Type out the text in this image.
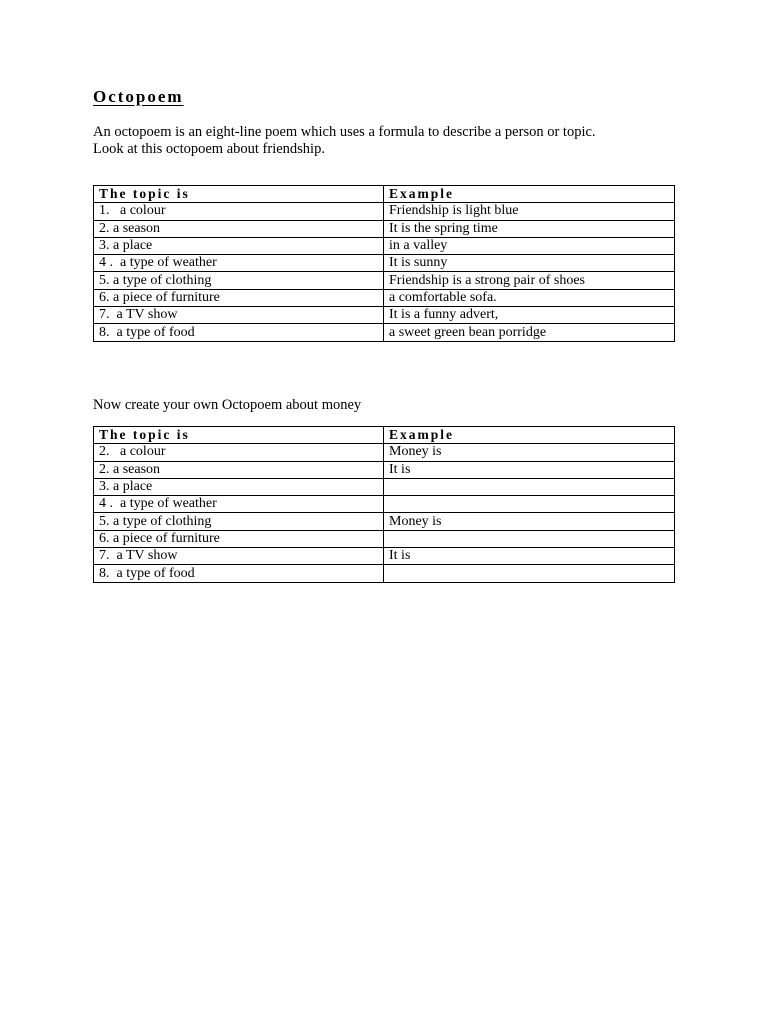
Octopoem
An octopoem is an eight-line poem which uses a formula to describe a person or topic.
Look at this octopoem about friendship.
The topic is	Example
1.   a colour	Friendship is light blue
2. a season	It is the spring time
3. a place	in a valley
4 .  a type of weather	It is sunny
5. a type of clothing	Friendship is a strong pair of shoes
6. a piece of furniture	a comfortable sofa.
7.  a TV show	It is a funny advert,
8.  a type of food	a sweet green bean porridge

Now create your own Octopoem about money

The topic is	Example
2.   a colour	Money is
2. a season	It is
3. a place	
4 .  a type of weather	
5. a type of clothing	Money is
6. a piece of furniture	
7.  a TV show	It is
8.  a type of food	
